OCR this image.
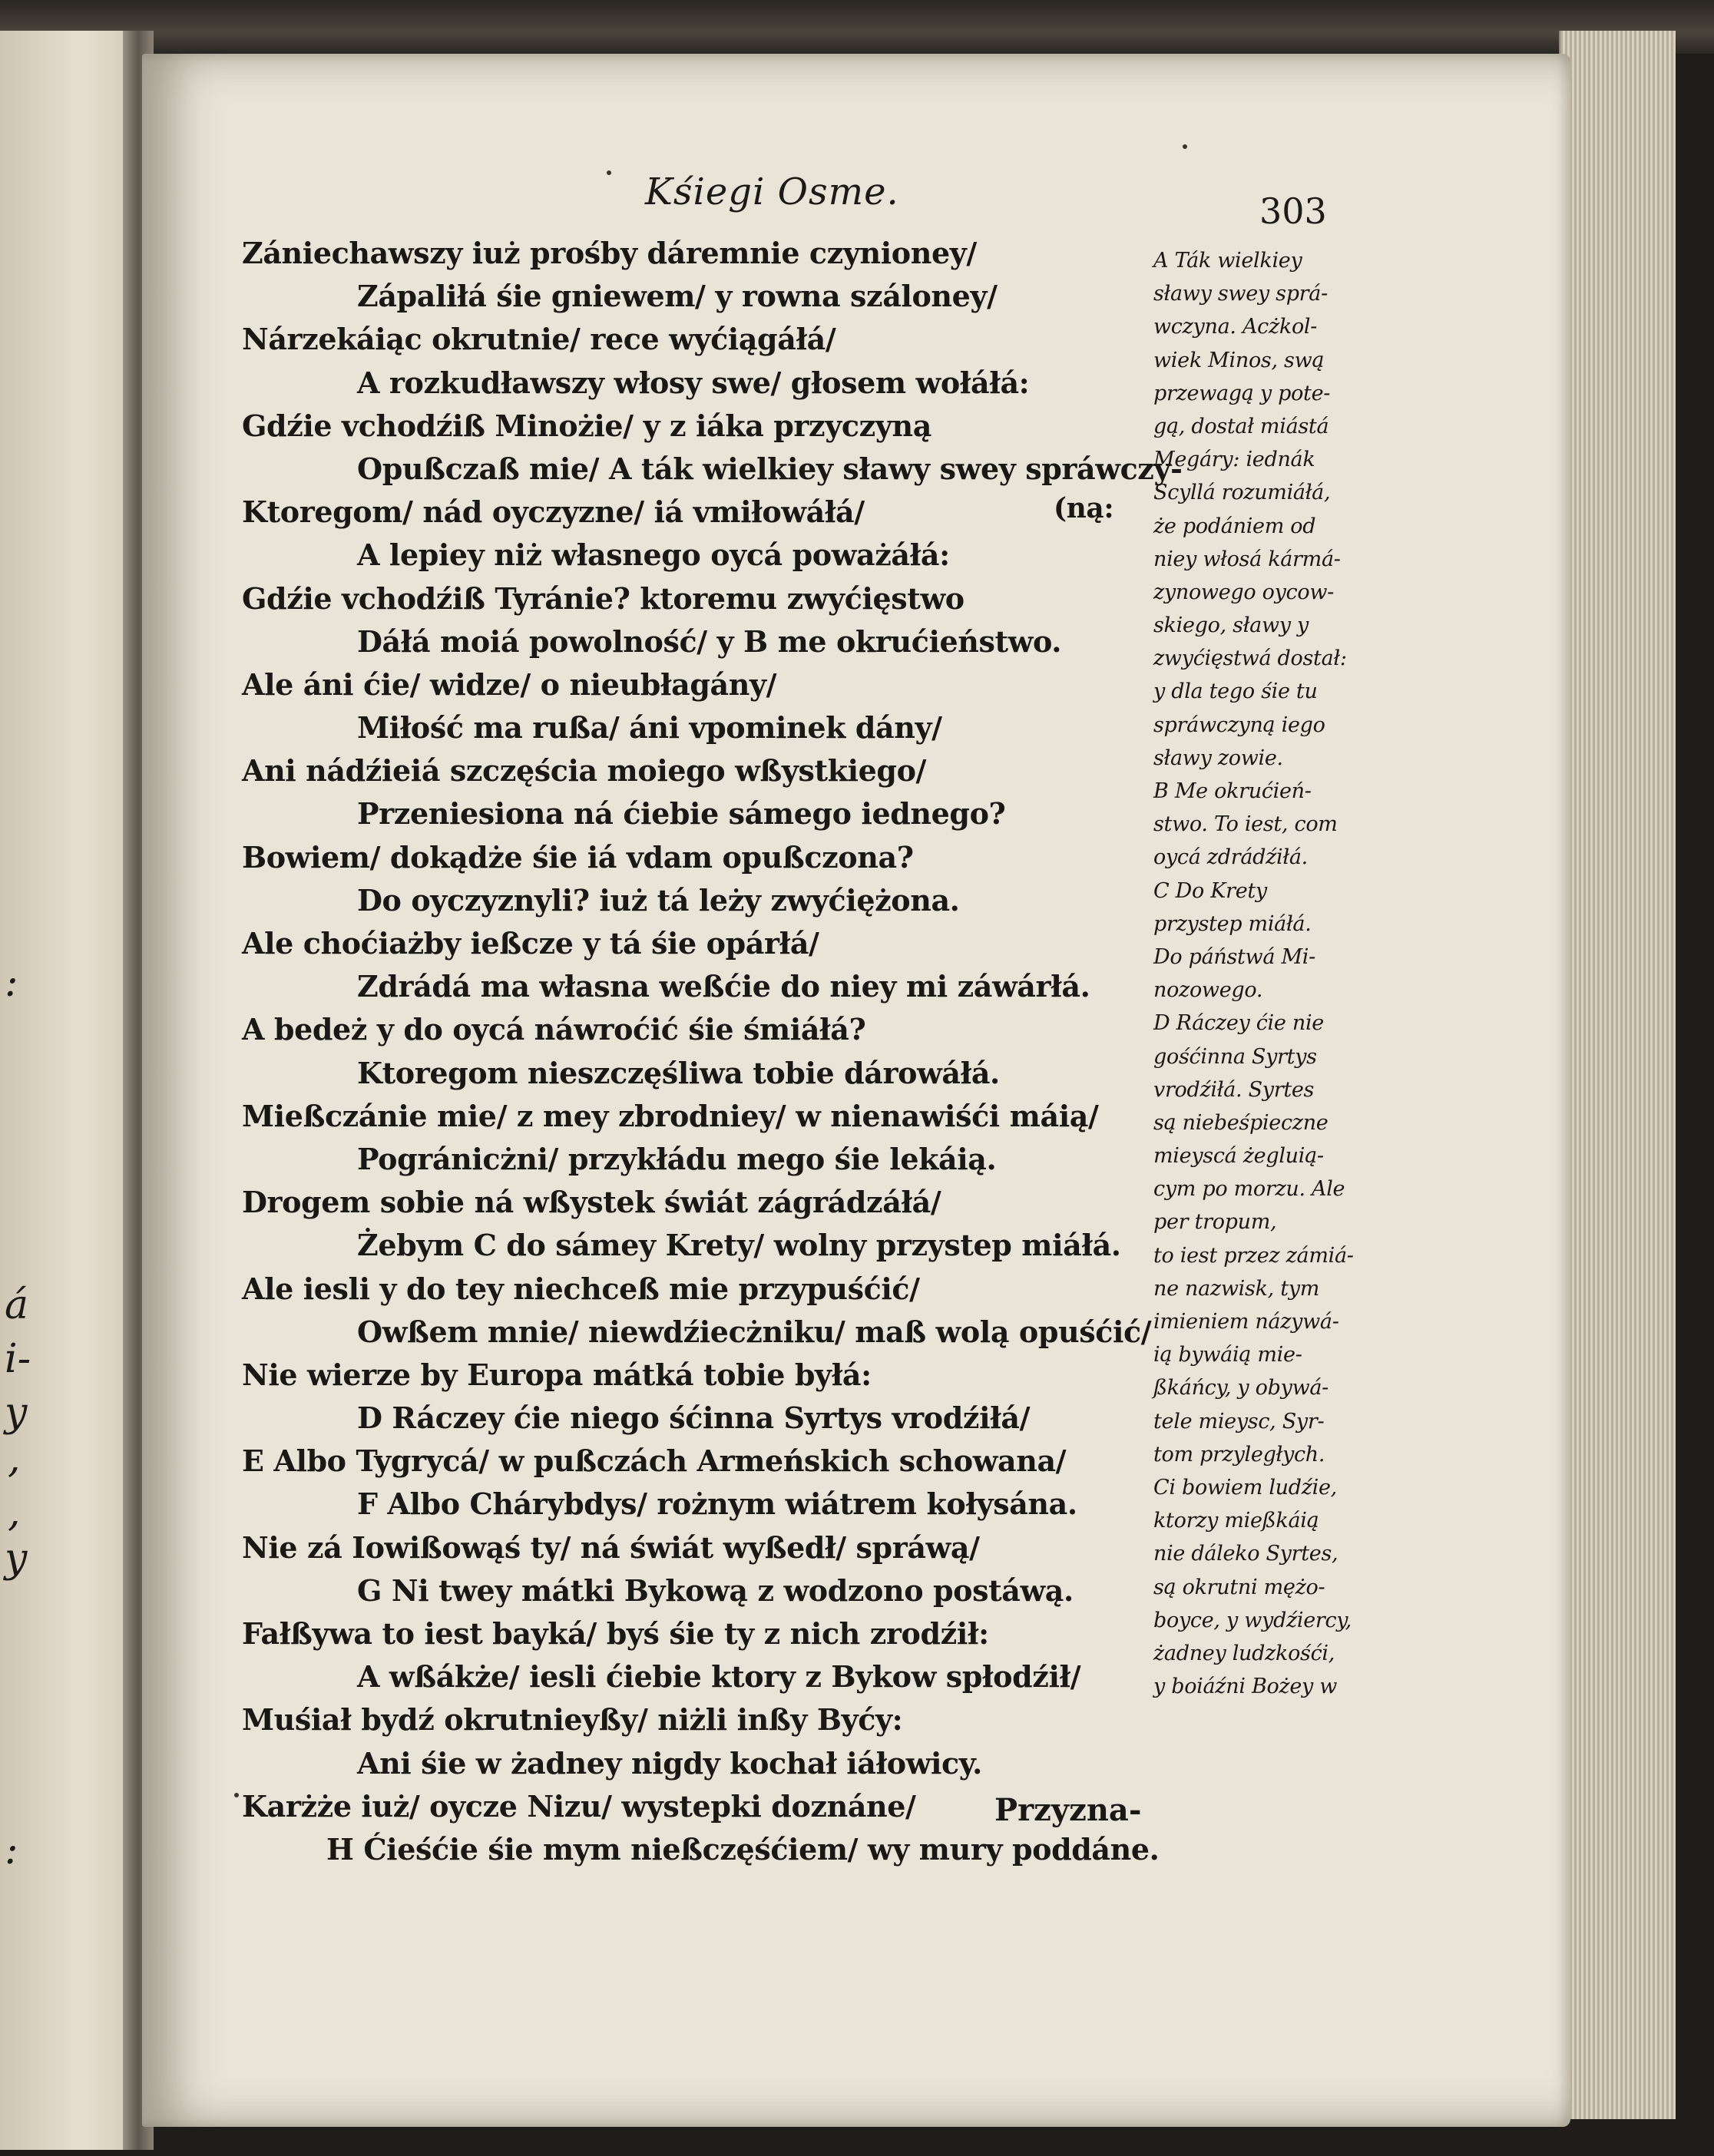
:
á
i-
y
,
,
y
:
Kśiegi Osme.	303
Zániechawszy iuż prośby dáremnie czynioney/
Zápaliłá śie gniewem/ y rowna száloney/
Nárzekáiąc okrutnie/ rece wyćiągáłá/
A rozkudławszy włosy swe/ głosem wołáłá:
Gdźie vchodźiß Minożie/ y z iáka przyczyną
Opußczaß mie/ A ták wielkiey sławy swey spráwczy-
Ktoregom/ nád oyczyzne/ iá vmiłowáłá/
A lepiey niż własnego oycá poważáłá:
Gdźie vchodźiß Tyránie? ktoremu zwyćięstwo
Dáłá moiá powolność/ y B me okrućieństwo.
Ale áni ćie/ widze/ o nieubłagány/
Miłość ma rußa/ áni vpominek dány/
Ani nádźieiá szczęścia moiego wßystkiego/
Przeniesiona ná ćiebie sámego iednego?
Bowiem/ dokądże śie iá vdam opußczona?
Do oyczyznyli? iuż tá leży zwyćiężona.
Ale choćiażby ießcze y tá śie opárłá/
Zdrádá ma własna weßćie do niey mi záwárłá.
A bedeż y do oycá náwroćić śie śmiáłá?
Ktoregom nieszczęśliwa tobie dárowáłá.
Mießczánie mie/ z mey zbrodniey/ w nienawiśći máią/
Pogránicżni/ przykłádu mego śie lekáią.
Drogem sobie ná wßystek świát zágrádzáłá/
Żebym C do sámey Krety/ wolny przystep miáłá.
Ale iesli y do tey niechceß mie przypuśćić/
Owßem mnie/ niewdźiecżniku/ maß wolą opuśćić/
Nie wierze by Europa mátká tobie byłá:
D Ráczey ćie niego śćinna Syrtys vrodźiłá/
E Albo Tygrycá/ w pußczách Armeńskich schowana/
F Albo Chárybdys/ rożnym wiátrem kołysána.
Nie zá Iowißowąś ty/ ná świát wyßedł/ spráwą/
G Ni twey mátki Bykową z wodzono postáwą.
Fałßywa to iest bayká/ byś śie ty z nich zrodźił:
A wßákże/ iesli ćiebie ktory z Bykow spłodźił/
Muśiał bydź okrutnieyßy/ niżli inßy Byćy:
Ani śie w żadney nigdy kochał iáłowicy.
Karżże iuż/ oycze Nizu/ wystepki doznáne/
H Ćieśćie śie mym nießczęśćiem/ wy mury poddáne.
(ną:
Przyzna-
A Ták wielkiey
sławy swey sprá-
wczyna. Acżkol-
wiek Minos, swą
przewagą y pote-
gą, dostał miástá
Megáry: iednák
Scyllá rozumiáłá,
że podániem od
niey włosá kármá-
zynowego oycow-
skiego, sławy y
zwyćięstwá dostał:
y dla tego śie tu
spráwczyną iego
sławy zowie.
B Me okrućień-
stwo. To iest, com
oycá zdrádźiłá.
C Do Krety
przystep miáłá.
Do páństwá Mi-
nozowego.
D Ráczey ćie nie
gośćinna Syrtys
vrodźiłá. Syrtes
są niebeśpieczne
mieyscá żegluią-
cym po morzu. Ale
per tropum,
to iest przez zámiá-
ne nazwisk, tym
imieniem názywá-
ią bywáią mie-
ßkáńcy, y obywá-
tele mieysc, Syr-
tom przyległych.
Ci bowiem ludźie,
ktorzy mießkáią
nie dáleko Syrtes,
są okrutni mężo-
boyce, y wydźiercy,
żadney ludzkośći,
y boiáźni Bożey w
